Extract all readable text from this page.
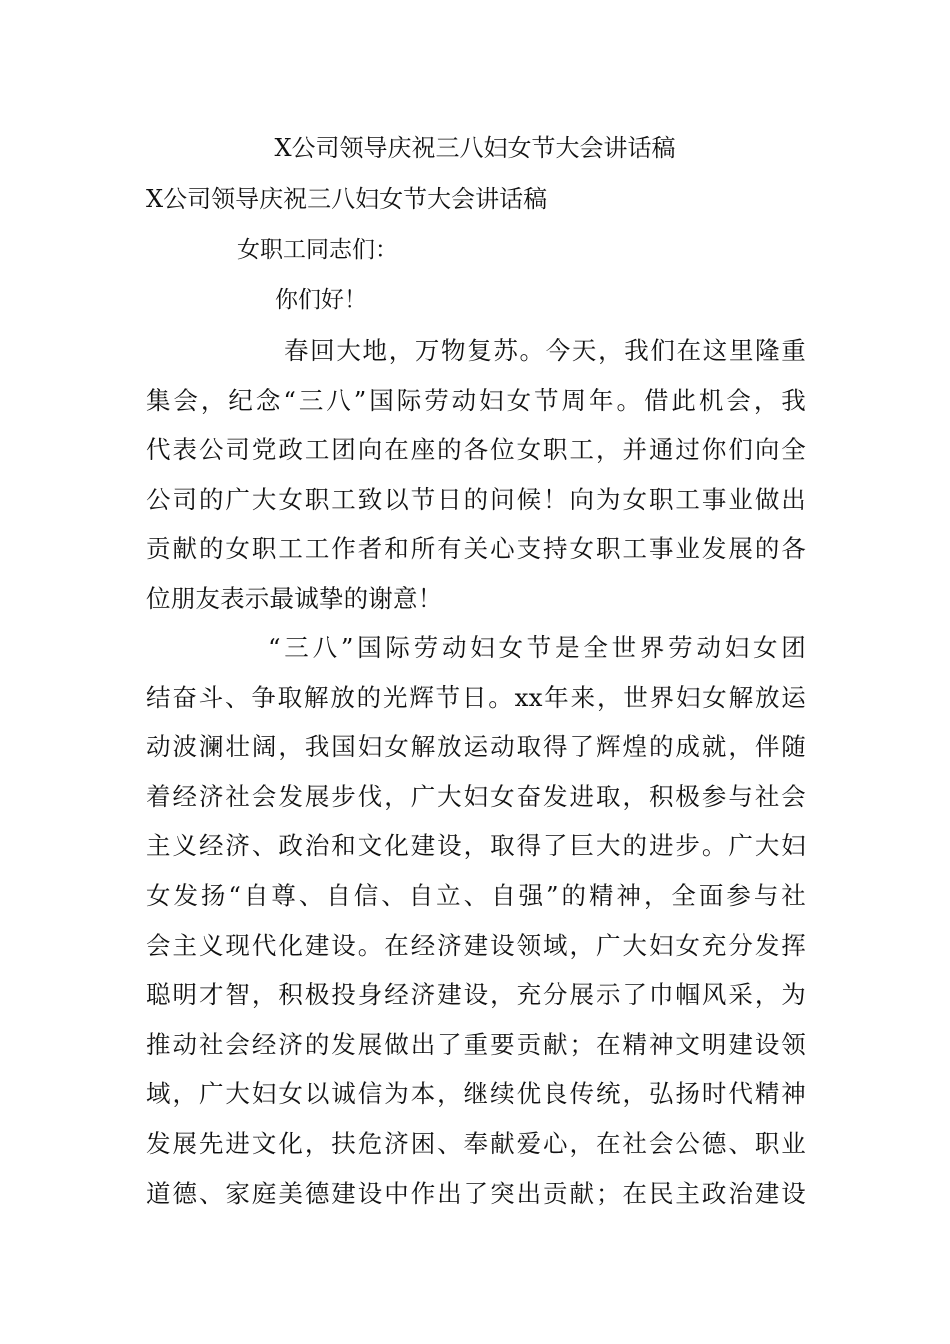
X公司领导庆祝三八妇女节大会讲话稿
X公司领导庆祝三八妇女节大会讲话稿
女职工同志们：
你们好！
春回大地，万物复苏。今天，我们在这里隆重
集会，纪念“三八”国际劳动妇女节周年。借此机会，我
代表公司党政工团向在座的各位女职工，并通过你们向全
公司的广大女职工致以节日的问候！向为女职工事业做出
贡献的女职工工作者和所有关心支持女职工事业发展的各
位朋友表示最诚挚的谢意！
“三八”国际劳动妇女节是全世界劳动妇女团
结奋斗、争取解放的光辉节日。xx年来，世界妇女解放运
动波澜壮阔，我国妇女解放运动取得了辉煌的成就，伴随
着经济社会发展步伐，广大妇女奋发进取，积极参与社会
主义经济、政治和文化建设，取得了巨大的进步。广大妇
女发扬“自尊、自信、自立、自强”的精神，全面参与社
会主义现代化建设。在经济建设领域，广大妇女充分发挥
聪明才智，积极投身经济建设，充分展示了巾帼风采，为
推动社会经济的发展做出了重要贡献；在精神文明建设领
域，广大妇女以诚信为本，继续优良传统，弘扬时代精神
发展先进文化，扶危济困、奉献爱心，在社会公德、职业
道德、家庭美德建设中作出了突出贡献；在民主政治建设
